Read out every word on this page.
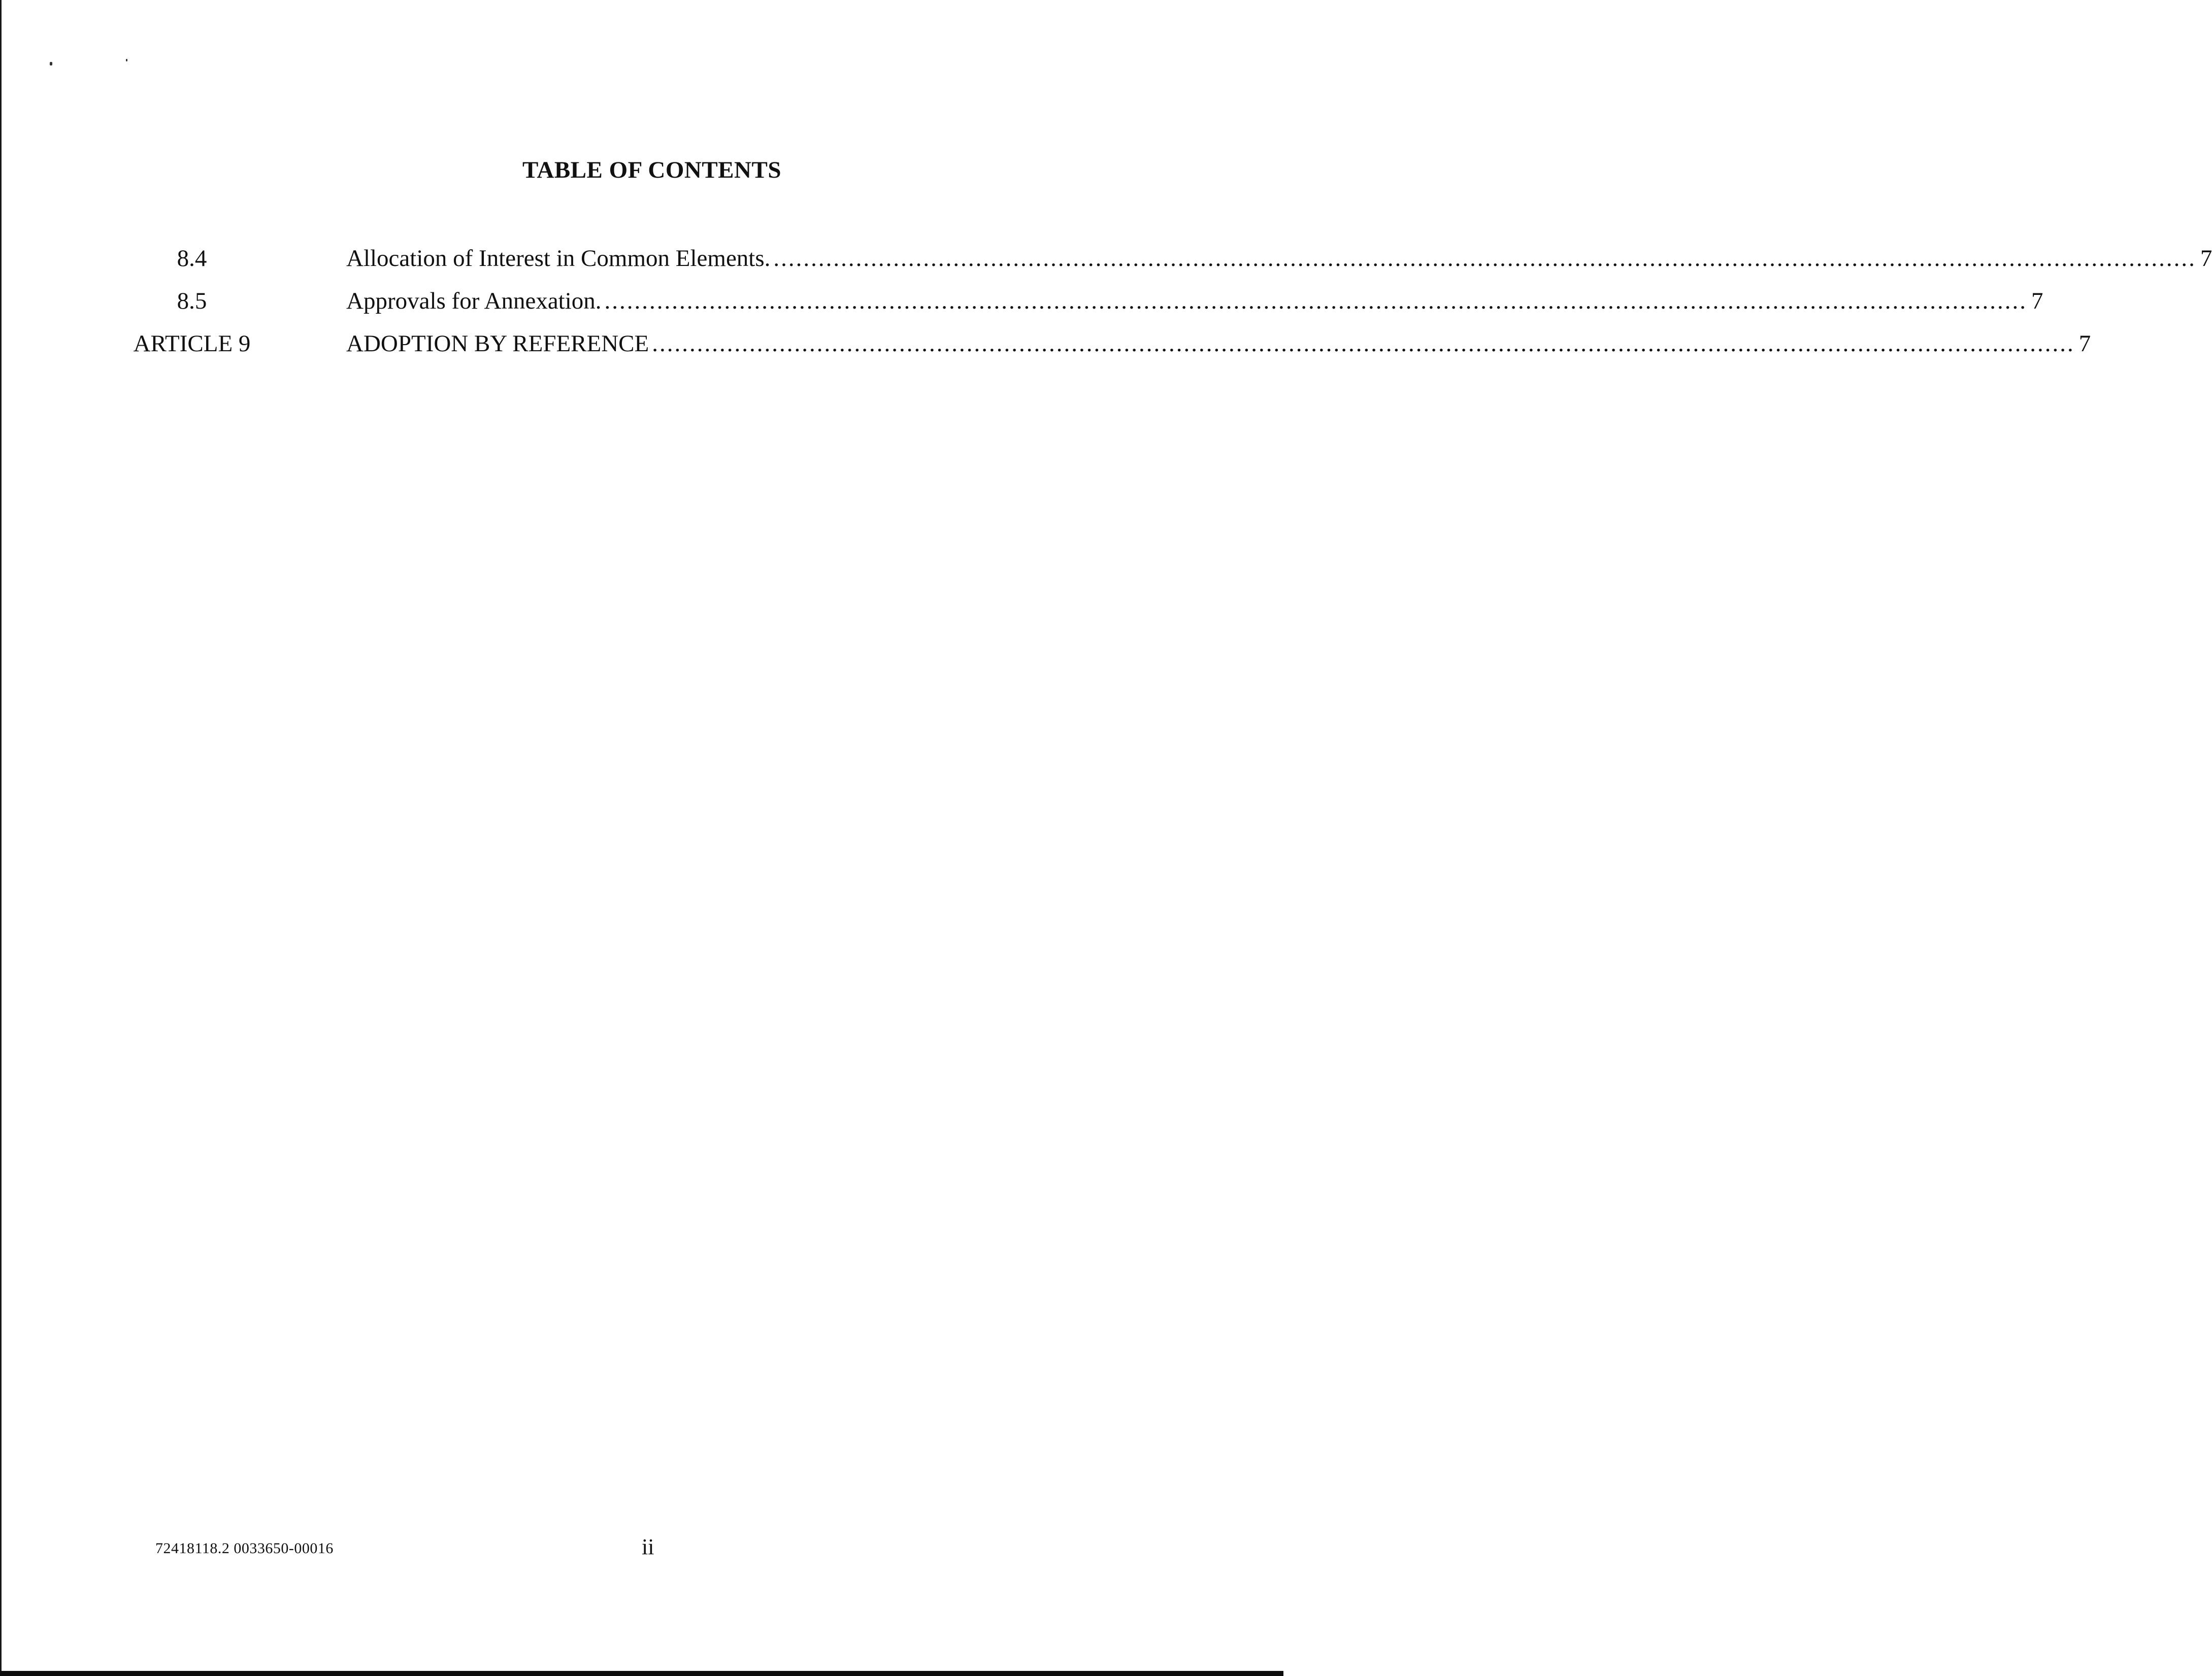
TABLE OF CONTENTS
8.4	Allocation of Interest in Common Elements. .............................................................................................................................................................................................. 7
8.5	Approvals for Annexation. .............................................................................................................................................................................................. 7
ARTICLE 9	ADOPTION BY REFERENCE .............................................................................................................................................................................................. 7
72418118.2 0033650-00016	ii
